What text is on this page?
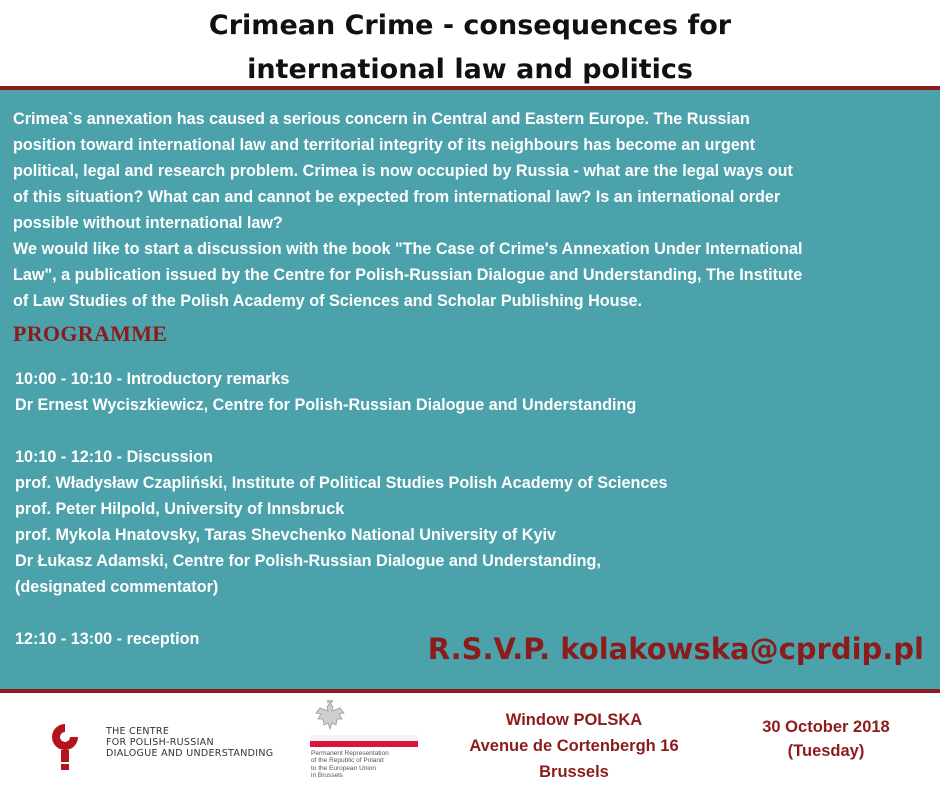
Crimean Crime - consequences for
international law and politics

Crimea`s annexation has caused a serious concern in Central and Eastern Europe. The Russian
position toward international law and territorial integrity of its neighbours has become an urgent
political, legal and research problem. Crimea is now occupied by Russia - what are the legal ways out
of this situation? What can and cannot be expected from international law? Is an international order
possible without international law?
We would like to start a discussion with the book "The Case of Crime's Annexation Under International
Law", a publication issued by the Centre for Polish-Russian Dialogue and Understanding, The Institute
of Law Studies of the Polish Academy of Sciences and Scholar Publishing House.

PROGRAMME
10:00 - 10:10 - Introductory remarks
Dr Ernest Wyciszkiewicz, Centre for Polish-Russian Dialogue and Understanding
10:10 - 12:10 - Discussion
prof. Władysław Czapliński, Institute of Political Studies Polish Academy of Sciences
prof. Peter Hilpold, University of Innsbruck
prof. Mykola Hnatovsky, Taras Shevchenko National University of Kyiv
Dr Łukasz Adamski, Centre for Polish-Russian Dialogue and Understanding,
(designated commentator)
12:10 - 13:00 - reception	R.S.V.P. kolakowska@cprdip.pl
THE CENTRE
FOR POLISH-RUSSIAN
DIALOGUE AND UNDERSTANDING	Permanent Representation
of the Republic of Poland
to the European Union
in Brussels
Window POLSKA
Avenue de Cortenbergh 16
Brussels
30 October 2018
(Tuesday)
